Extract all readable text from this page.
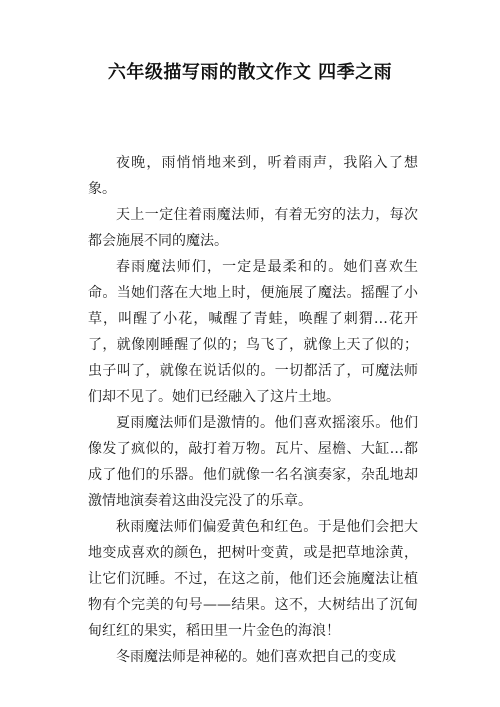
六年级描写雨的散文作文 四季之雨

夜晚，雨悄悄地来到，听着雨声，我陷入了想象。

天上一定住着雨魔法师，有着无穷的法力，每次都会施展不同的魔法。

春雨魔法师们，一定是最柔和的。她们喜欢生命。当她们落在大地上时，便施展了魔法。摇醒了小草，叫醒了小花，喊醒了青蛙，唤醒了刺猬…花开了，就像刚睡醒了似的；鸟飞了，就像上天了似的；虫子叫了，就像在说话似的。一切都活了，可魔法师们却不见了。她们已经融入了这片土地。

夏雨魔法师们是激情的。他们喜欢摇滚乐。他们像发了疯似的，敲打着万物。瓦片、屋檐、大缸…都成了他们的乐器。他们就像一名名演奏家，杂乱地却激情地演奏着这曲没完没了的乐章。

秋雨魔法师们偏爱黄色和红色。于是他们会把大地变成喜欢的颜色，把树叶变黄，或是把草地涂黄，让它们沉睡。不过，在这之前，他们还会施魔法让植物有个完美的句号——结果。这不，大树结出了沉甸甸红红的果实，稻田里一片金色的海浪！

冬雨魔法师是神秘的。她们喜欢把自己的变成
